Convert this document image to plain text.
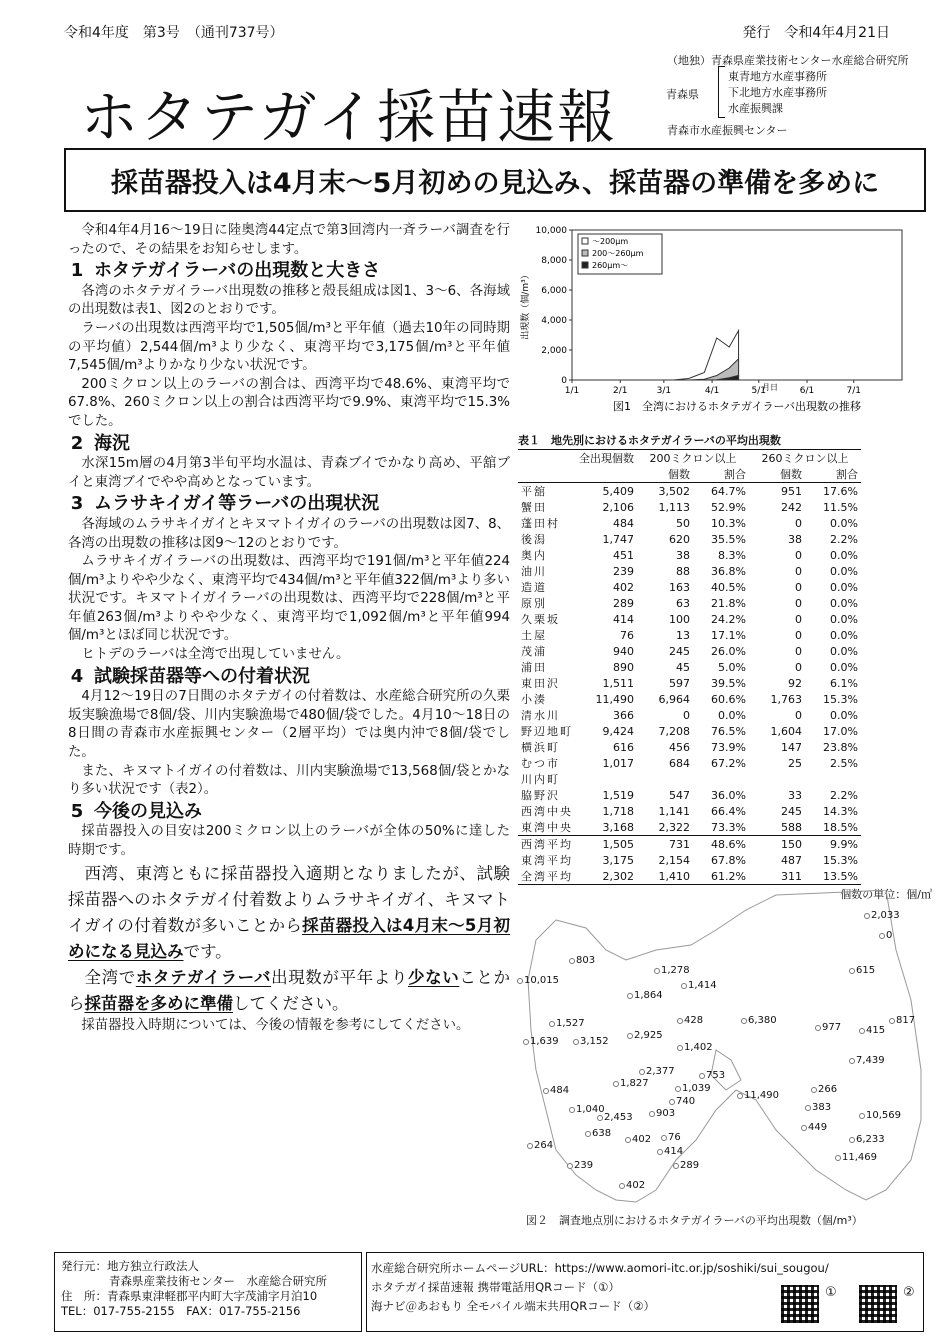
令和4年度　第3号　（通刊737号）	発行　令和4年4月21日
ホタテガイ採苗速報
（地独）青森県産業技術センター水産総合研究所
青森県
東青地方水産事務所
下北地方水産事務所
水産振興課
青森市水産振興センター
採苗器投入は4月末～5月初めの見込み、採苗器の準備を多めに

令和4年4月16～19日に陸奥湾44定点で第3回湾内一斉ラーバ調査を行ったので、その結果をお知らせします。

1 ホタテガイラーバの出現数と大きさ

各湾のホタテガイラーバ出現数の推移と殻長組成は図1、3～6、各海域の出現数は表1、図2のとおりです。

ラーバの出現数は西湾平均で1,505個/m³と平年値（過去10年の同時期の平均値）2,544個/m³より少なく、東湾平均で3,175個/m³と平年値7,545個/m³よりかなり少ない状況です。

200ミクロン以上のラーバの割合は、西湾平均で48.6%、東湾平均で67.8%、260ミクロン以上の割合は西湾平均で9.9%、東湾平均で15.3%でした。

2 海況

水深15m層の4月第3半旬平均水温は、青森ブイでかなり高め、平舘ブイと東湾ブイでやや高めとなっています。

3 ムラサキイガイ等ラーバの出現状況

各海域のムラサキイガイとキヌマトイガイのラーバの出現数は図7、8、各湾の出現数の推移は図9～12のとおりです。

ムラサキイガイラーバの出現数は、西湾平均で191個/m³と平年値224個/m³よりやや少なく、東湾平均で434個/m³と平年値322個/m³より多い状況です。キヌマトイガイラーバの出現数は、西湾平均で228個/m³と平年値263個/m³よりやや少なく、東湾平均で1,092個/m³と平年値994個/m³とほぼ同じ状況です。

ヒトデのラーバは全湾で出現していません。

4 試験採苗器等への付着状況

4月12～19日の7日間のホタテガイの付着数は、水産総合研究所の久栗坂実験漁場で8個/袋、川内実験漁場で480個/袋でした。4月10～18日の8日間の青森市水産振興センター（2層平均）では奥内沖で8個/袋でした。

また、キヌマトイガイの付着数は、川内実験漁場で13,568個/袋とかなり多い状況です（表2）。

5 今後の見込み

採苗器投入の目安は200ミクロン以上のラーバが全体の50%に達した時期です。

西湾、東湾ともに採苗器投入適期となりましたが、試験採苗器へのホタテガイ付着数よりムラサキイガイ、キヌマトイガイの付着数が多いことから採苗器投入は4月末～5月初めになる見込みです。

全湾でホタテガイラーバ出現数が平年より少ないことから採苗器を多めに準備してください。

採苗器投入時期については、今後の情報を参考にしてください。

0
2,000
4,000
6,000
8,000
10,000
1/1	2/1	3/1	4/1	5/1	6/1	7/1
～200μm
200～260μm
260μm～
出現数（個/m³）
月日
図1　全湾におけるホタテガイラーバ出現数の推移
表１　地先別におけるホタテガイラーバの平均出現数
	全出現個数	200ミクロン以上		260ミクロン以上	
		個数	割合	個数	割合
平舘	5,409	3,502	64.7%	951	17.6%
蟹田	2,106	1,113	52.9%	242	11.5%
蓬田村	484	50	10.3%	0	0.0%
後潟	1,747	620	35.5%	38	2.2%
奥内	451	38	8.3%	0	0.0%
油川	239	88	36.8%	0	0.0%
造道	402	163	40.5%	0	0.0%
原別	289	63	21.8%	0	0.0%
久栗坂	414	100	24.2%	0	0.0%
土屋	76	13	17.1%	0	0.0%
茂浦	940	245	26.0%	0	0.0%
浦田	890	45	5.0%	0	0.0%
東田沢	1,511	597	39.5%	92	6.1%
小湊	11,490	6,964	60.6%	1,763	15.3%
清水川	366	0	0.0%	0	0.0%
野辺地町	9,424	7,208	76.5%	1,604	17.0%
横浜町	616	456	73.9%	147	23.8%
むつ市	1,017	684	67.2%	25	2.5%
川内町					
脇野沢	1,519	547	36.0%	33	2.2%
西湾中央	1,718	1,141	66.4%	245	14.3%
東湾中央	3,168	2,322	73.3%	588	18.5%
西湾平均	1,505	731	48.6%	150	9.9%
東湾平均	3,175	2,154	67.8%	487	15.3%
全湾平均	2,302	1,410	61.2%	311	13.5%
個数の単位：個/㎥
2,033
0
803
10,015
1,278
1,414
615
1,864
428	6,380
977 415
817
1,527
1,639 3,152
2,925
1,402
7,439
2,377	753
1,827	1,039
484
740
11,490
266
1,040
2,453 903
383
10,569
638
402 76
449
264
414
6,233
11,469
239	289
402
図２　調査地点別におけるホタテガイラーバの平均出現数（個/m³）
発行元：地方独立行政法人
青森県産業技術センター　水産総合研究所
住　所：青森県東津軽郡平内町大字茂浦字月泊10
TEL：017-755-2155　FAX：017-755-2156
水産総合研究所ホームページURL：https://www.aomori-itc.or.jp/soshiki/sui_sougou/
ホタテガイ採苗速報 携帯電話用QRコード（①）
海ナビ＠あおもり 全モバイル端末共用QRコード（②）
①	②
